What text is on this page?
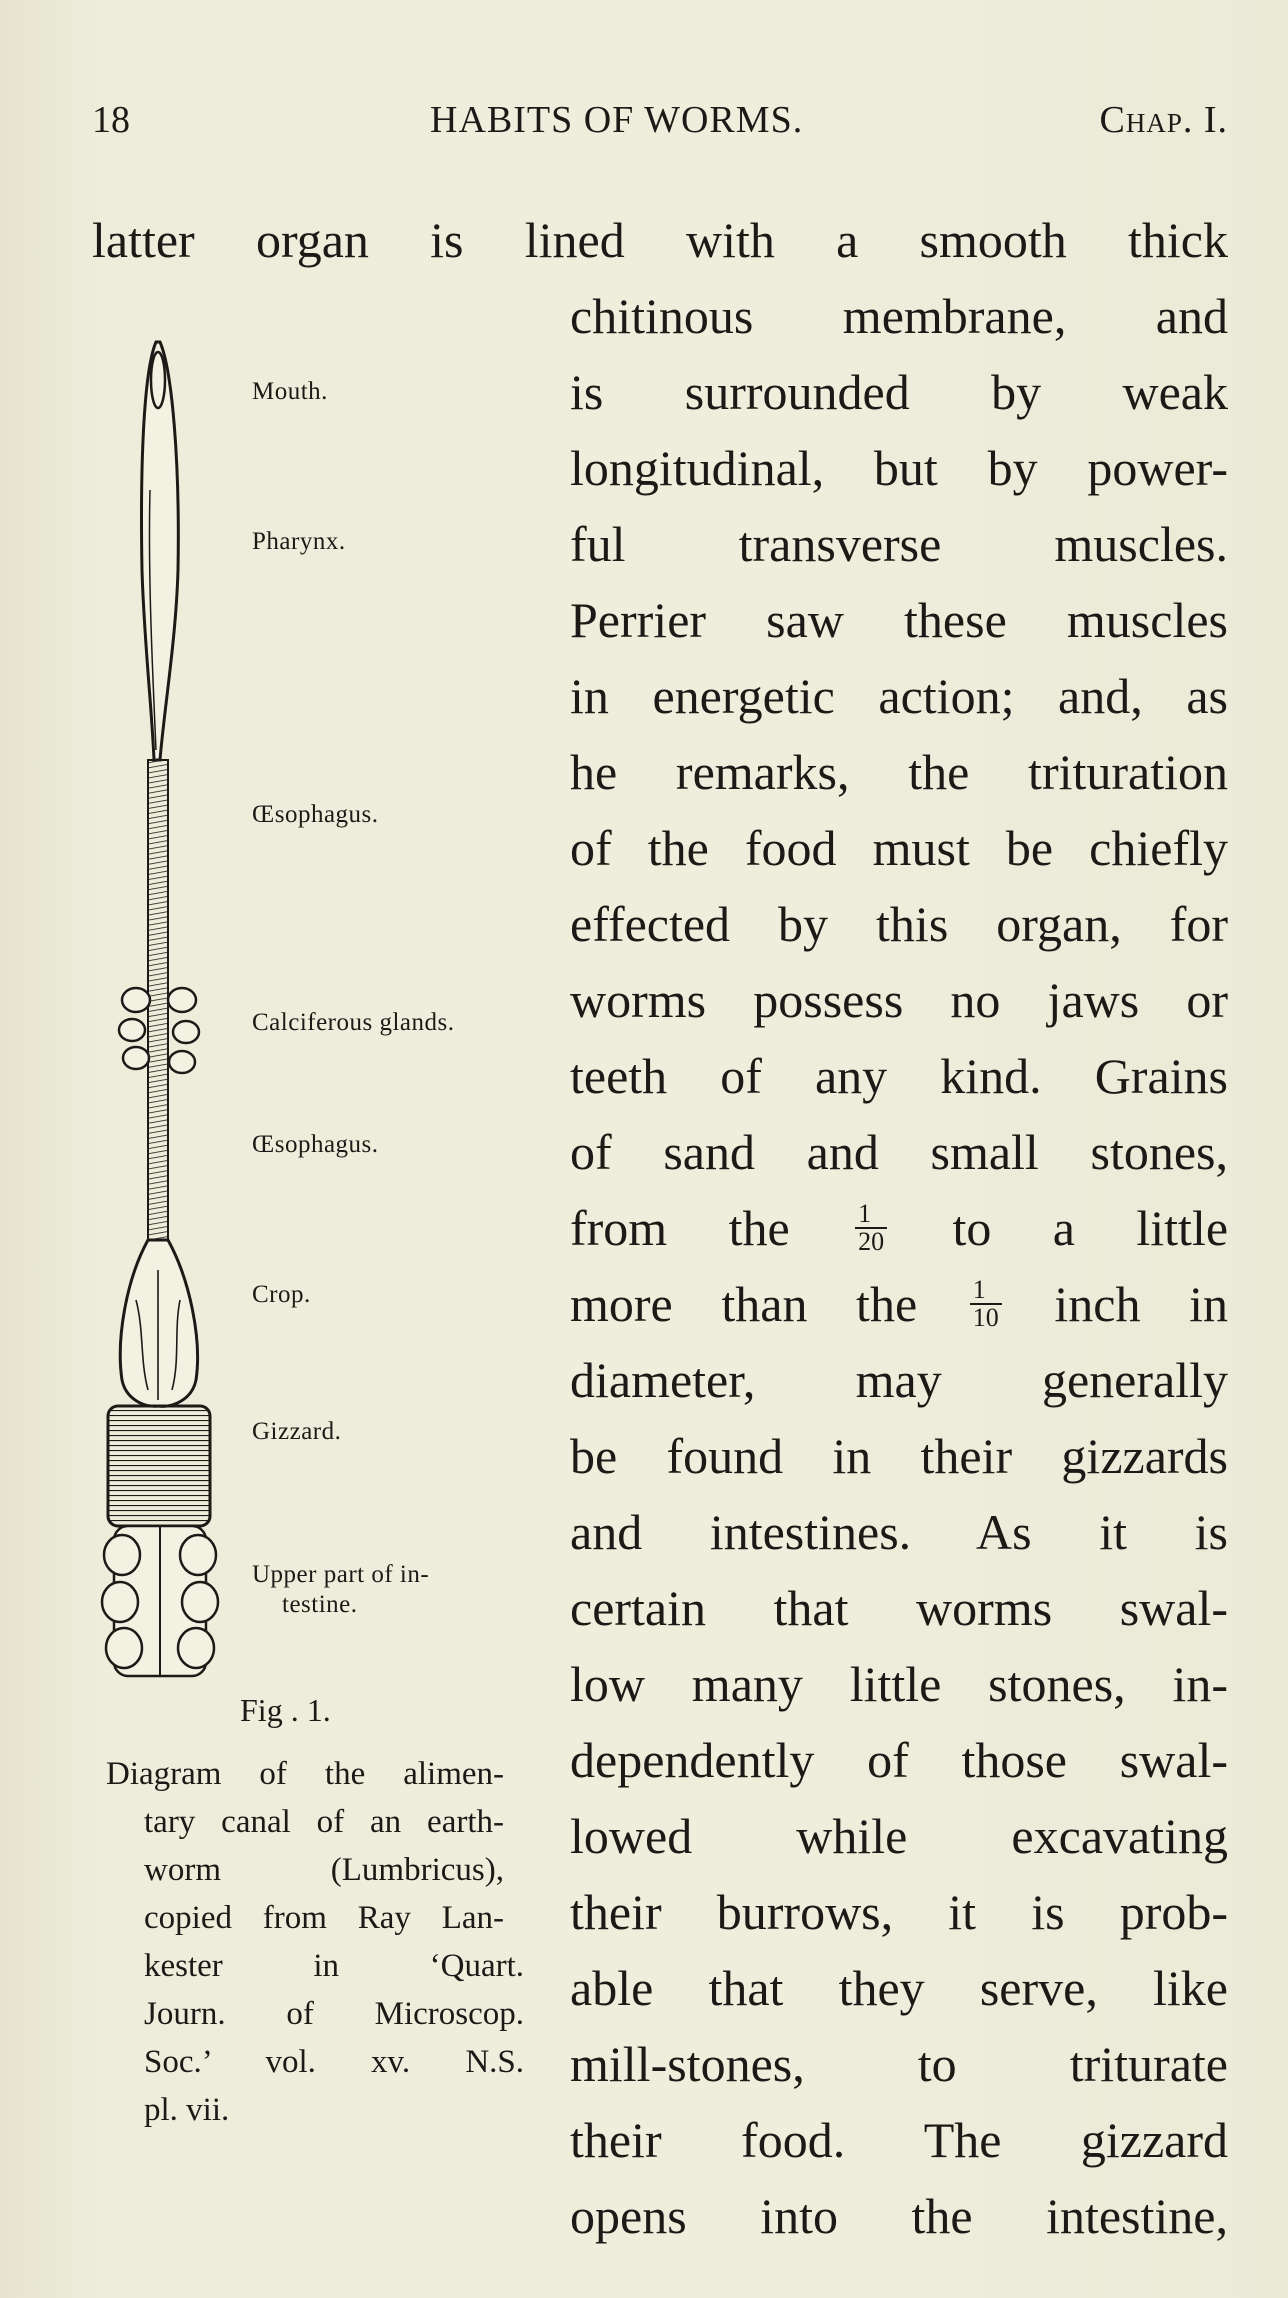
18	HABITS OF WORMS.	Chap. I.
latter organ is lined with a smooth thick
chitinous membrane, and
is surrounded by weak
longitudinal, but by power-
ful transverse muscles.
Perrier saw these muscles
in energetic action; and, as
he remarks, the trituration
of the food must be chiefly
effected by this organ, for
worms possess no jaws or
teeth of any kind. Grains
of sand and small stones,
from the	$\frac{1}{20}$ to a little
more than the $\frac{1}{10}$ inch in
diameter, may generally
be found in their gizzards
and intestines. As it is
certain that worms swal-
low many little stones, in-
dependently of those swal-
lowed while excavating
their burrows, it is prob-
able that they serve, like
mill-stones, to triturate
their food. The gizzard
opens into the intestine,
Mouth.
Pharynx.
Œsophagus.
Calciferous glands.
Œsophagus.
Crop.
Gizzard.
Upper part of in-
testine.
Fig . 1.
Diagram of the alimen-
tary canal of an earth-
worm (Lumbricus),
copied from Ray Lan-
kester in ‘Quart.
Journ. of Microscop.
Soc.’ vol. xv. N.S.
pl. vii.
